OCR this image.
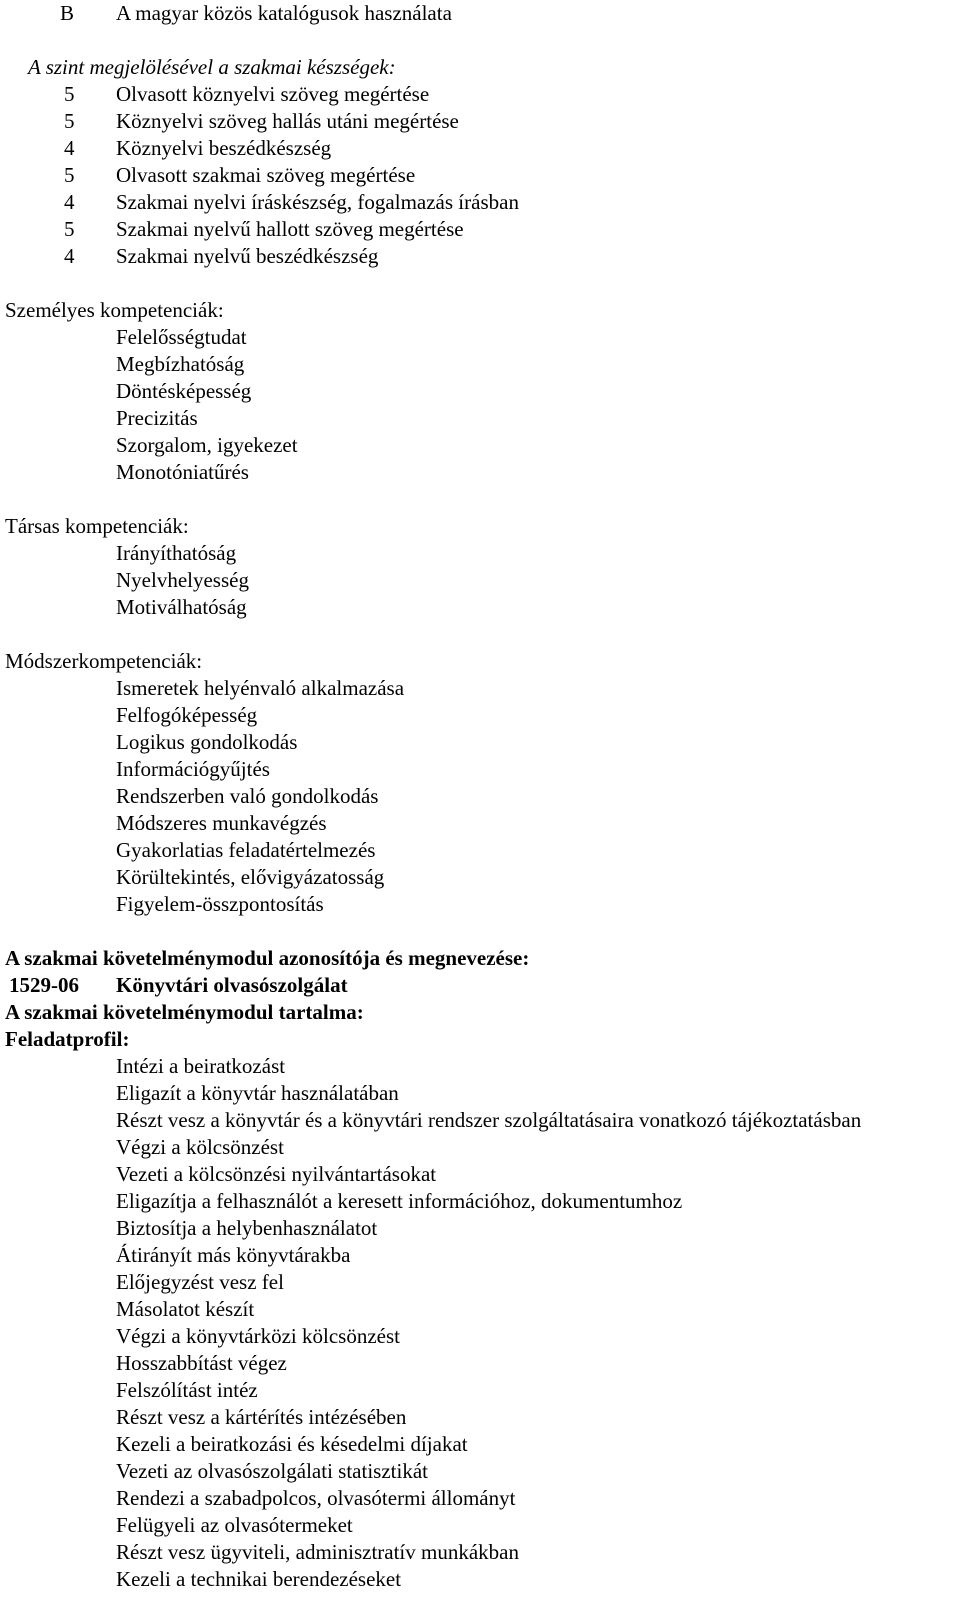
B A magyar közös katalógusok használata
A szint megjelölésével a szakmai készségek:
5 Olvasott köznyelvi szöveg megértése
5 Köznyelvi szöveg hallás utáni megértése
4 Köznyelvi beszédkészség
5 Olvasott szakmai szöveg megértése
4 Szakmai nyelvi íráskészség, fogalmazás írásban
5 Szakmai nyelvű hallott szöveg megértése
4 Szakmai nyelvű beszédkészség
Személyes kompetenciák:
Felelősségtudat
Megbízhatóság
Döntésképesség
Precizitás
Szorgalom, igyekezet
Monotóniatűrés
Társas kompetenciák:
Irányíthatóság
Nyelvhelyesség
Motiválhatóság
Módszerkompetenciák:
Ismeretek helyénvaló alkalmazása
Felfogóképesség
Logikus gondolkodás
Információgyűjtés
Rendszerben való gondolkodás
Módszeres munkavégzés
Gyakorlatias feladatértelmezés
Körültekintés, elővigyázatosság
Figyelem-összpontosítás
A szakmai követelménymodul azonosítója és megnevezése:
1529-06 Könyvtári olvasószolgálat
A szakmai követelménymodul tartalma:
Feladatprofil:
Intézi a beiratkozást
Eligazít a könyvtár használatában
Részt vesz a könyvtár és a könyvtári rendszer szolgáltatásaira vonatkozó tájékoztatásban
Végzi a kölcsönzést
Vezeti a kölcsönzési nyilvántartásokat
Eligazítja a felhasználót a keresett információhoz, dokumentumhoz
Biztosítja a helybenhasználatot
Átirányít más könyvtárakba
Előjegyzést vesz fel
Másolatot készít
Végzi a könyvtárközi kölcsönzést
Hosszabbítást végez
Felszólítást intéz
Részt vesz a kártérítés intézésében
Kezeli a beiratkozási és késedelmi díjakat
Vezeti az olvasószolgálati statisztikát
Rendezi a szabadpolcos, olvasótermi állományt
Felügyeli az olvasótermeket
Részt vesz ügyviteli, adminisztratív munkákban
Kezeli a technikai berendezéseket
